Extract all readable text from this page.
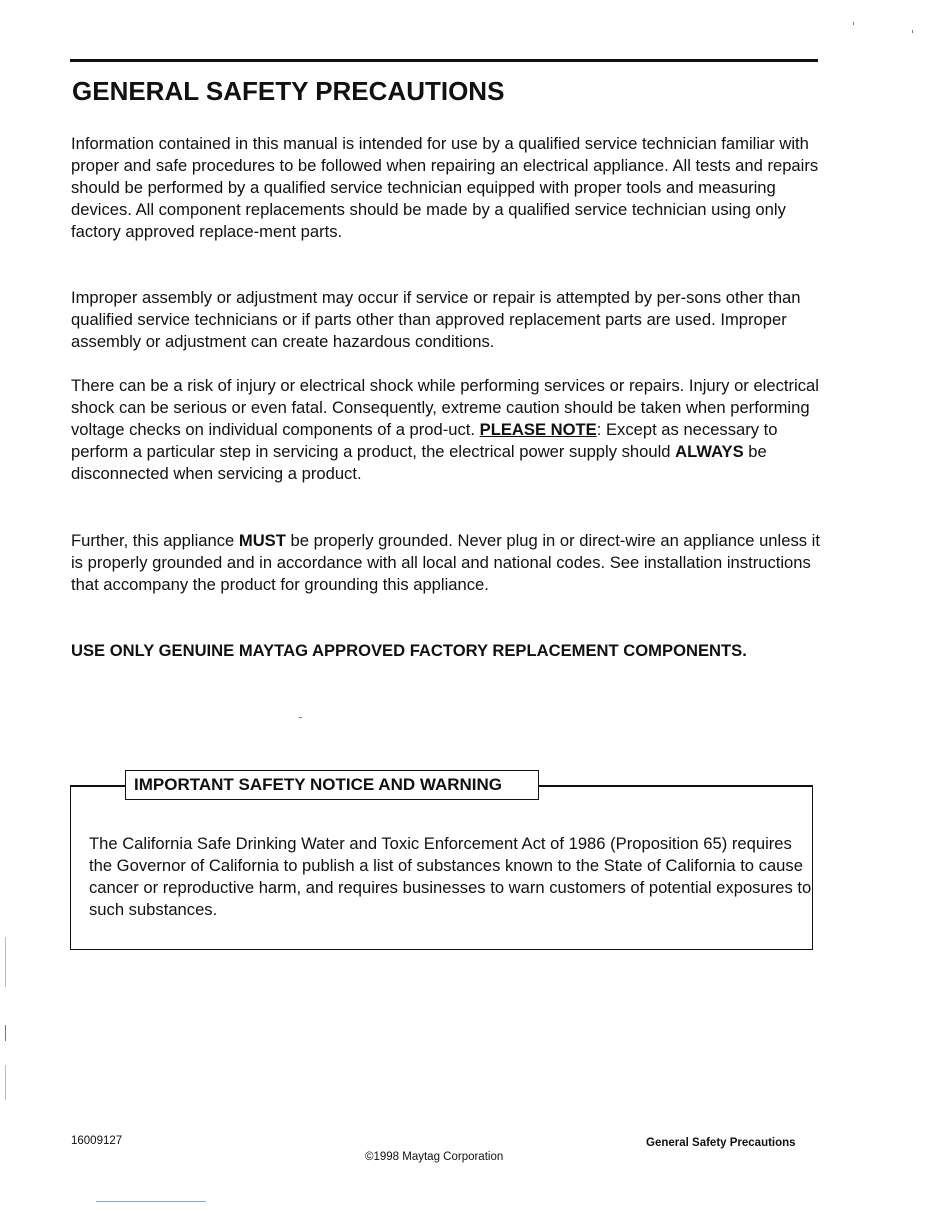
GENERAL SAFETY PRECAUTIONS

Information contained in this manual is intended for use by a qualified service technician familiar with proper and safe procedures to be followed when repairing an electrical appliance. All tests and repairs should be performed by a qualified service technician equipped with proper tools and measuring devices. All component replacements should be made by a qualified service technician using only factory approved replace-ment parts.

Improper assembly or adjustment may occur if service or repair is attempted by per-sons other than qualified service technicians or if parts other than approved replacement parts are used. Improper assembly or adjustment can create hazardous conditions.

There can be a risk of injury or electrical shock while performing services or repairs. Injury or electrical shock can be serious or even fatal. Consequently, extreme caution should be taken when performing voltage checks on individual components of a prod-uct. PLEASE NOTE: Except as necessary to perform a particular step in servicing a product, the electrical power supply should ALWAYS be disconnected when servicing a product.

Further, this appliance MUST be properly grounded. Never plug in or direct-wire an appliance unless it is properly grounded and in accordance with all local and national codes. See installation instructions that accompany the product for grounding this appliance.

USE ONLY GENUINE MAYTAG APPROVED FACTORY REPLACEMENT COMPONENTS.

IMPORTANT SAFETY NOTICE AND WARNING

The California Safe Drinking Water and Toxic Enforcement Act of 1986 (Proposition 65) requires the Governor of California to publish a list of substances known to the State of California to cause cancer or reproductive harm, and requires businesses to warn customers of potential exposures to such substances.

16009127
©1998 Maytag Corporation
General Safety Precautions
